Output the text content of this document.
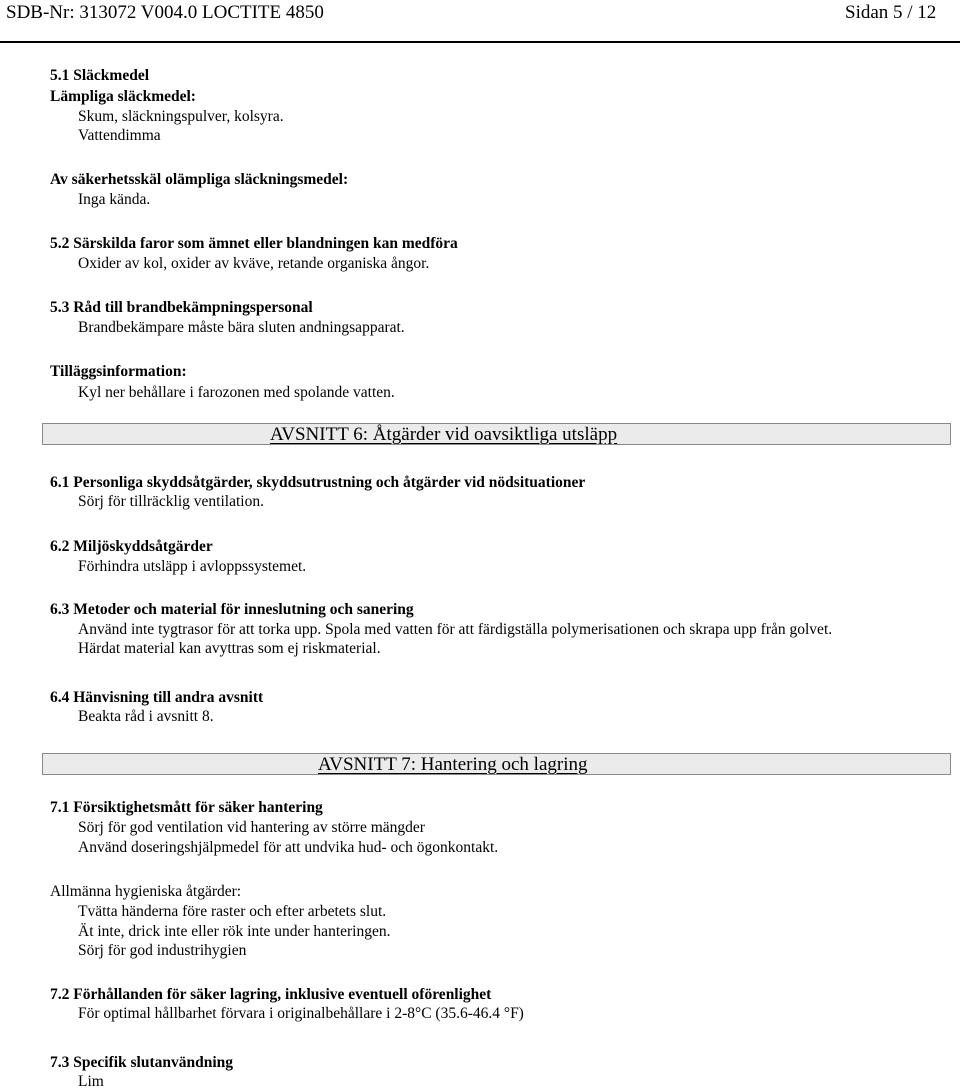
SDB-Nr: 313072 V004.0 LOCTITE 4850	Sidan 5 / 12
5.1 Släckmedel
Lämpliga släckmedel:
Skum, släckningspulver, kolsyra.
Vattendimma
Av säkerhetsskäl olämpliga släckningsmedel:
Inga kända.
5.2 Särskilda faror som ämnet eller blandningen kan medföra
Oxider av kol, oxider av kväve, retande organiska ångor.
5.3 Råd till brandbekämpningspersonal
Brandbekämpare måste bära sluten andningsapparat.
Tilläggsinformation:
Kyl ner behållare i farozonen med spolande vatten.
AVSNITT 6: Åtgärder vid oavsiktliga utsläpp
6.1 Personliga skyddsåtgärder, skyddsutrustning och åtgärder vid nödsituationer
Sörj för tillräcklig ventilation.
6.2 Miljöskyddsåtgärder
Förhindra utsläpp i avloppssystemet.
6.3 Metoder och material för inneslutning och sanering
Använd inte tygtrasor för att torka upp. Spola med vatten för att färdigställa polymerisationen och skrapa upp från golvet.
Härdat material kan avyttras som ej riskmaterial.
6.4 Hänvisning till andra avsnitt
Beakta råd i avsnitt 8.
AVSNITT 7: Hantering och lagring
7.1 Försiktighetsmått för säker hantering
Sörj för god ventilation vid hantering av större mängder
Använd doseringshjälpmedel för att undvika hud- och ögonkontakt.
Allmänna hygieniska åtgärder:
Tvätta händerna före raster och efter arbetets slut.
Ät inte, drick inte eller rök inte under hanteringen.
Sörj för god industrihygien
7.2 Förhållanden för säker lagring, inklusive eventuell oförenlighet
För optimal hållbarhet förvara i originalbehållare i 2-8°C (35.6-46.4 °F)
7.3 Specifik slutanvändning
Lim
